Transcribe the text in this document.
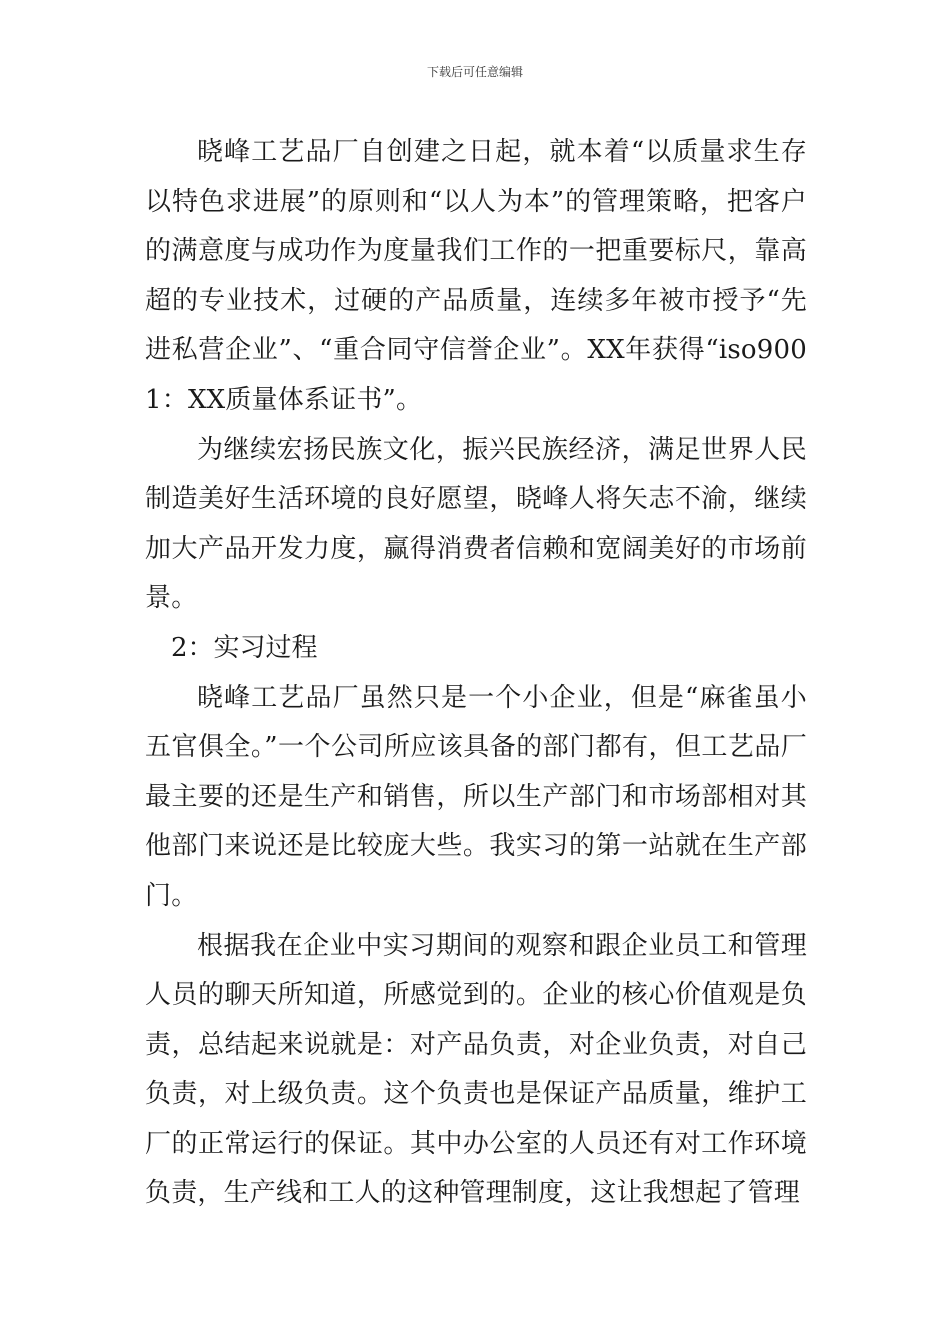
下载后可任意编辑

晓峰工艺品厂自创建之日起，就本着“以质量求生存以特色求进展”的原则和“以人为本”的管理策略，把客户的满意度与成功作为度量我们工作的一把重要标尺，靠高超的专业技术，过硬的产品质量，连续多年被市授予“先进私营企业”、“重合同守信誉企业”。XX年获得“iso9001：XX质量体系证书”。

为继续宏扬民族文化，振兴民族经济，满足世界人民制造美好生活环境的良好愿望，晓峰人将矢志不渝，继续加大产品开发力度，赢得消费者信赖和宽阔美好的市场前景。

2：实习过程

晓峰工艺品厂虽然只是一个小企业，但是“麻雀虽小五官俱全。”一个公司所应该具备的部门都有，但工艺品厂最主要的还是生产和销售，所以生产部门和市场部相对其他部门来说还是比较庞大些。我实习的第一站就在生产部门。

根据我在企业中实习期间的观察和跟企业员工和管理人员的聊天所知道，所感觉到的。企业的核心价值观是负责，总结起来说就是：对产品负责，对企业负责，对自己负责，对上级负责。这个负责也是保证产品质量，维护工厂的正常运行的保证。其中办公室的人员还有对工作环境负责，生产线和工人的这种管理制度，这让我想起了管理
